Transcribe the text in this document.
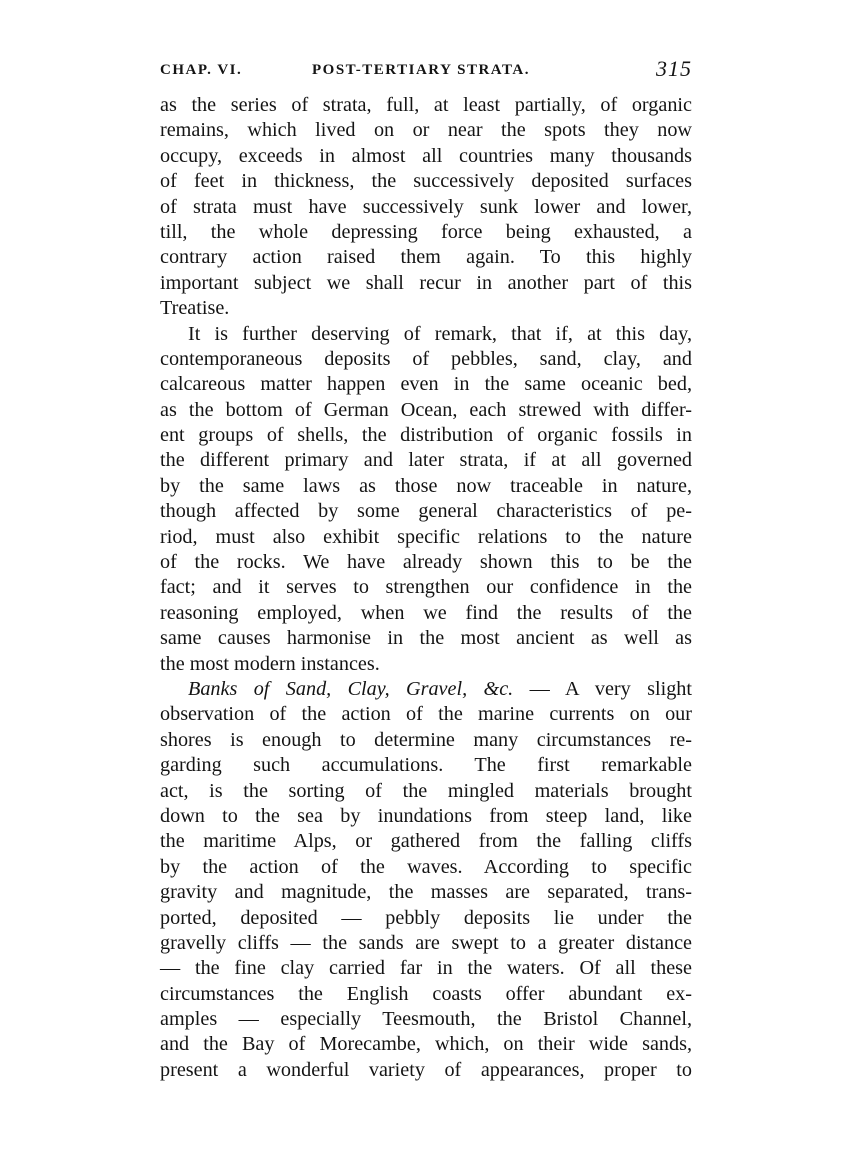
CHAP. VI.	POST-TERTIARY STRATA.	315
as the series of strata, full, at least partially, of organic
remains, which lived on or near the spots they now
occupy, exceeds in almost all countries many thousands
of feet in thickness, the successively deposited surfaces
of strata must have successively sunk lower and lower,
till, the whole depressing force being exhausted, a
contrary action raised them again. To this highly
important subject we shall recur in another part of this
Treatise.
It is further deserving of remark, that if, at this day,
contemporaneous deposits of pebbles, sand, clay, and
calcareous matter happen even in the same oceanic bed,
as the bottom of German Ocean, each strewed with differ-
ent groups of shells, the distribution of organic fossils in
the different primary and later strata, if at all governed
by the same laws as those now traceable in nature,
though affected by some general characteristics of pe-
riod, must also exhibit specific relations to the nature
of the rocks. We have already shown this to be the
fact; and it serves to strengthen our confidence in the
reasoning employed, when we find the results of the
same causes harmonise in the most ancient as well as
the most modern instances.
Banks of Sand, Clay, Gravel, &c. — A very slight
observation of the action of the marine currents on our
shores is enough to determine many circumstances re-
garding such accumulations. The first remarkable
act, is the sorting of the mingled materials brought
down to the sea by inundations from steep land, like
the maritime Alps, or gathered from the falling cliffs
by the action of the waves. According to specific
gravity and magnitude, the masses are separated, trans-
ported, deposited — pebbly deposits lie under the
gravelly cliffs — the sands are swept to a greater distance
— the fine clay carried far in the waters. Of all these
circumstances the English coasts offer abundant ex-
amples — especially Teesmouth, the Bristol Channel,
and the Bay of Morecambe, which, on their wide sands,
present a wonderful variety of appearances, proper to
